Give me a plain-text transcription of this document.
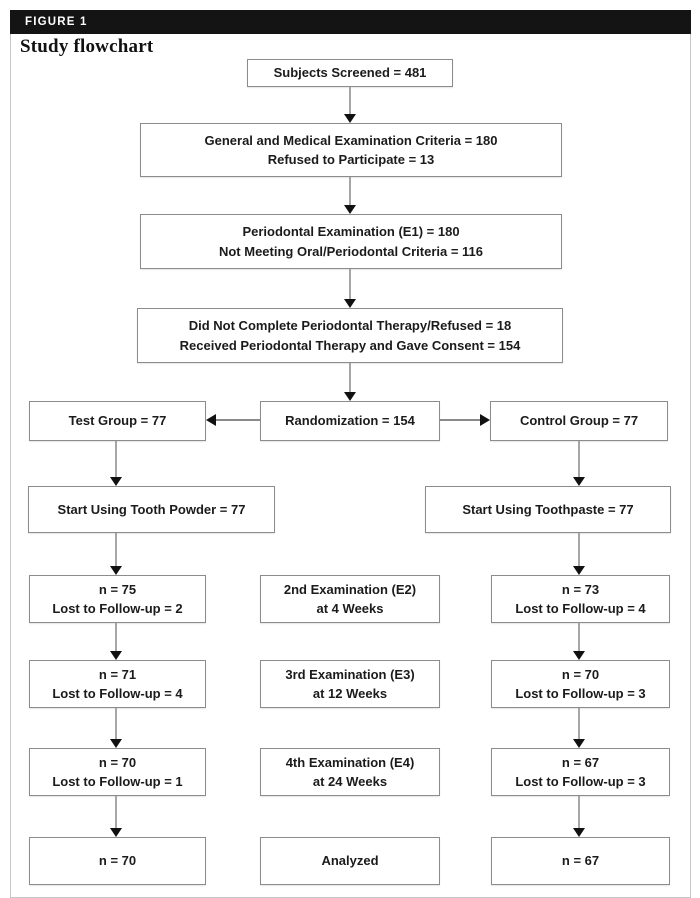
FIGURE 1
Study flowchart
Subjects Screened = 481
General and Medical Examination Criteria = 180
Refused to Participate = 13
Periodontal Examination (E1) = 180
Not Meeting Oral/Periodontal Criteria = 116
Did Not Complete Periodontal Therapy/Refused = 18
Received Periodontal Therapy and Gave Consent = 154
Test Group = 77	Randomization = 154	Control Group = 77
Start Using Tooth Powder = 77	Start Using Toothpaste = 77
n = 75
Lost to Follow-up = 2
2nd Examination (E2)
at 4 Weeks
n = 73
Lost to Follow-up = 4
n = 71
Lost to Follow-up = 4
3rd Examination (E3)
at 12 Weeks
n = 70
Lost to Follow-up = 3
n = 70
Lost to Follow-up = 1
4th Examination (E4)
at 24 Weeks
n = 67
Lost to Follow-up = 3
n = 70	Analyzed	n = 67
